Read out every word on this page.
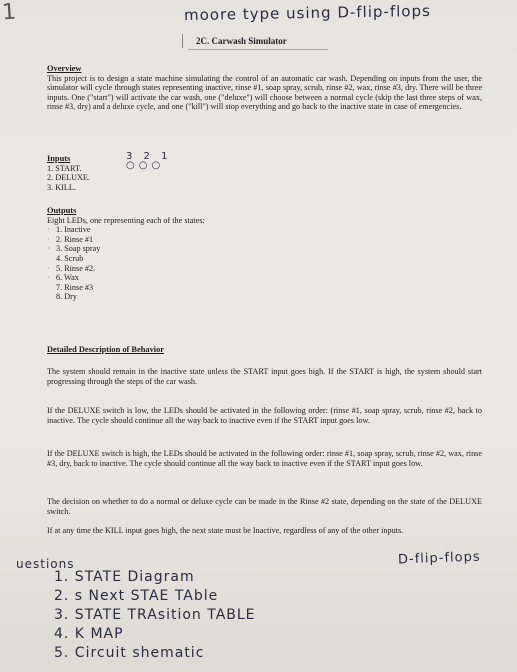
1	moore type using D-flip-flops
2C. Carwash Simulator
Overview
This project is to design a state machine simulating the control of an automatic car wash. Depending on inputs from the user, the simulator will cycle through states representing inactive, rinse #1, soap spray, scrub, rinse #2, wax, rinse #3, dry. There will be three inputs. One ("start") will activate the car wash, one ("deluxe") will choose between a normal cycle (skip the last three steps of wax, rinse #3, dry) and a deluxe cycle, and one ("kill") will stop everything and go back to the inactive state in case of emergencies.
3 2 1
○○○
Inputs
1. START.
2. DELUXE.
3. KILL.
Outputs
Eight LEDs, one representing each of the states:
· 1. Inactive
· 2. Rinse #1
· 3. Soap spray
4. Scrub
· 5. Rinse #2.
· 6. Wax
7. Rinse #3
8. Dry
Detailed Description of Behavior
The system should remain in the inactive state unless the START input goes high. If the START is high, the system should start progressing through the steps of the car wash.
If the DELUXE switch is low, the LEDs should be activated in the following order: (rinse #1, soap spray, scrub, rinse #2, back to inactive. The cycle should continue all the way back to inactive even if the START input goes low.
If the DELUXE switch is high, the LEDs should be activated in the following order: rinse #1, soap spray, scrub, rinse #2, wax, rinse #3, dry, back to inactive. The cycle should continue all the way back to inactive even if the START input goes low.
The decision on whether to do a normal or deluxe cycle can be made in the Rinse #2 state, depending on the state of the DELUXE switch.
If at any time the KILL input goes high, the next state must be Inactive, regardless of any of the other inputs.
D-flip-flops
uestions
1. STATE Diagram
2. s Next STAE TAble
3. STATE TRAsition TABLE
4. K MAP
5. Circuit shematic
